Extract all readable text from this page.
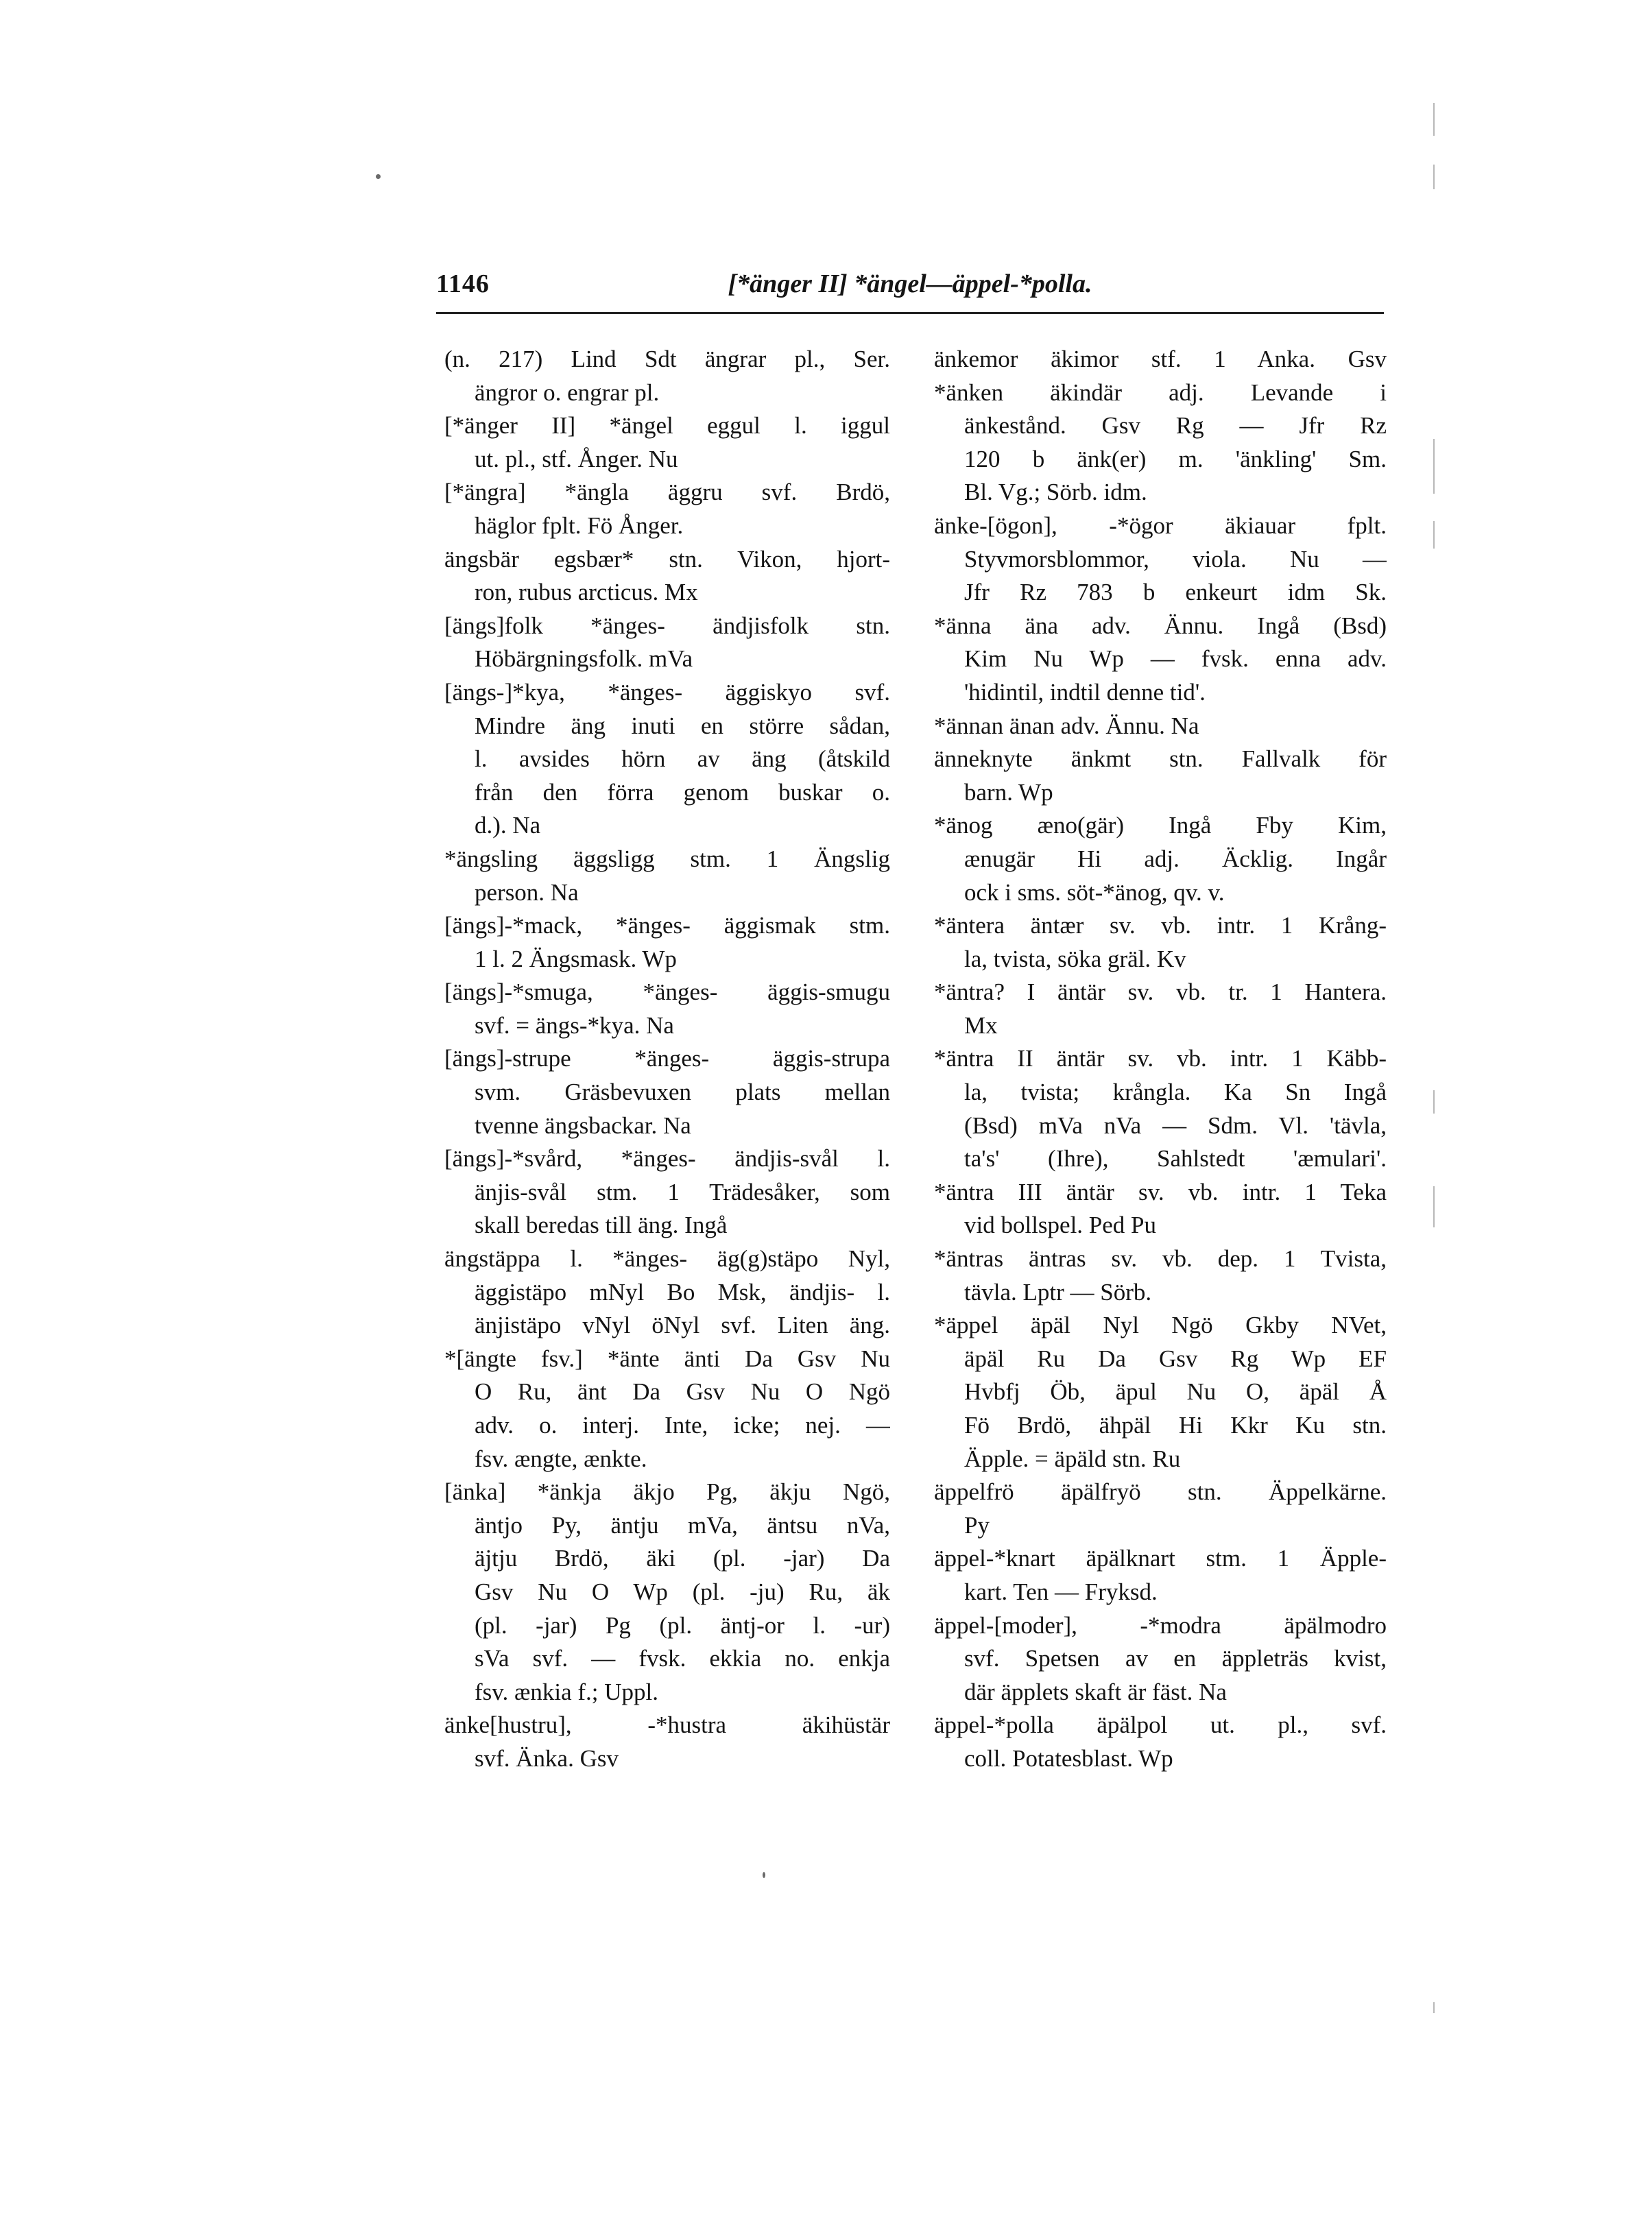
1146	[*änger II] *ängel—äppel-*polla.
(n. 217) Lind Sdt ängrar pl., Ser.
ängror o. engrar pl.
[*änger II] *ängel eggul l. iggul
ut. pl., stf. Ånger. Nu
[*ängra] *ängla äggru svf. Brdö,
häglor fplt. Fö Ånger.
ängsbär egsbær* stn. Vikon, hjort-
ron, rubus arcticus. Mx
[ängs]folk *änges- ändjisfolk stn.
Höbärgningsfolk. mVa
[ängs-]*kya, *änges- äggiskyo svf.
Mindre äng inuti en större sådan,
l. avsides hörn av äng (åtskild
från den förra genom buskar o.
d.). Na
*ängsling äggsligg stm. 1 Ängslig
person. Na
[ängs]-*mack, *änges- äggismak stm.
1 l. 2 Ängsmask. Wp
[ängs]-*smuga, *änges- äggis-smugu
svf. = ängs-*kya. Na
[ängs]-strupe *änges- äggis-strupa
svm. Gräsbevuxen plats mellan
tvenne ängsbackar. Na
[ängs]-*svård, *änges- ändjis-svål l.
änjis-svål stm. 1 Trädesåker, som
skall beredas till äng. Ingå
ängstäppa l. *änges- äg(g)stäpo Nyl,
äggistäpo mNyl Bo Msk, ändjis- l.
änjistäpo vNyl öNyl svf. Liten äng.
*[ängte fsv.] *änte änti Da Gsv Nu
O Ru, änt Da Gsv Nu O Ngö
adv. o. interj. Inte, icke; nej. —
fsv. ængte, ænkte.
[änka] *änkja äkjo Pg, äkju Ngö,
äntjo Py, äntju mVa, äntsu nVa,
äjtju Brdö, äki (pl. -jar) Da
Gsv Nu O Wp (pl. -ju) Ru, äk
(pl. -jar) Pg (pl. äntj-or l. -ur)
sVa svf. — fvsk. ekkia no. enkja
fsv. ænkia f.; Uppl.
änke[hustru], -*hustra äkihüstär
svf. Änka. Gsv
änkemor äkimor stf. 1 Anka. Gsv
*änken äkindär adj. Levande i
änkestånd. Gsv Rg — Jfr Rz
120 b änk(er) m. 'änkling' Sm.
Bl. Vg.; Sörb. idm.
änke-[ögon], -*ögor äkiauar fplt.
Styvmorsblommor, viola. Nu —
Jfr Rz 783 b enkeurt idm Sk.
*änna äna adv. Ännu. Ingå (Bsd)
Kim Nu Wp — fvsk. enna adv.
'hidintil, indtil denne tid'.
*ännan änan adv. Ännu. Na
änneknyte änkmt stn. Fallvalk för
barn. Wp
*änog æno(gär) Ingå Fby Kim,
ænugär Hi adj. Äcklig. Ingår
ock i sms. söt-*änog, qv. v.
*äntera äntær sv. vb. intr. 1 Krång-
la, tvista, söka gräl. Kv
*äntra? I äntär sv. vb. tr. 1 Hantera.
Mx
*äntra II äntär sv. vb. intr. 1 Käbb-
la, tvista; krångla. Ka Sn Ingå
(Bsd) mVa nVa — Sdm. Vl. 'tävla,
ta's' (Ihre), Sahlstedt 'æmulari'.
*äntra III äntär sv. vb. intr. 1 Teka
vid bollspel. Ped Pu
*äntras äntras sv. vb. dep. 1 Tvista,
tävla. Lptr — Sörb.
*äppel äpäl Nyl Ngö Gkby NVet,
äpäl Ru Da Gsv Rg Wp EF
Hvbfj Öb, äpul Nu O, äpäl Å
Fö Brdö, ähpäl Hi Kkr Ku stn.
Äpple. = äpäld stn. Ru
äppelfrö äpälfryö stn. Äppelkärne.
Py
äppel-*knart äpälknart stm. 1 Äpple-
kart. Ten — Fryksd.
äppel-[moder], -*modra äpälmodro
svf. Spetsen av en äppleträs kvist,
där äpplets skaft är fäst. Na
äppel-*polla äpälpol ut. pl., svf.
coll. Potatesblast. Wp
